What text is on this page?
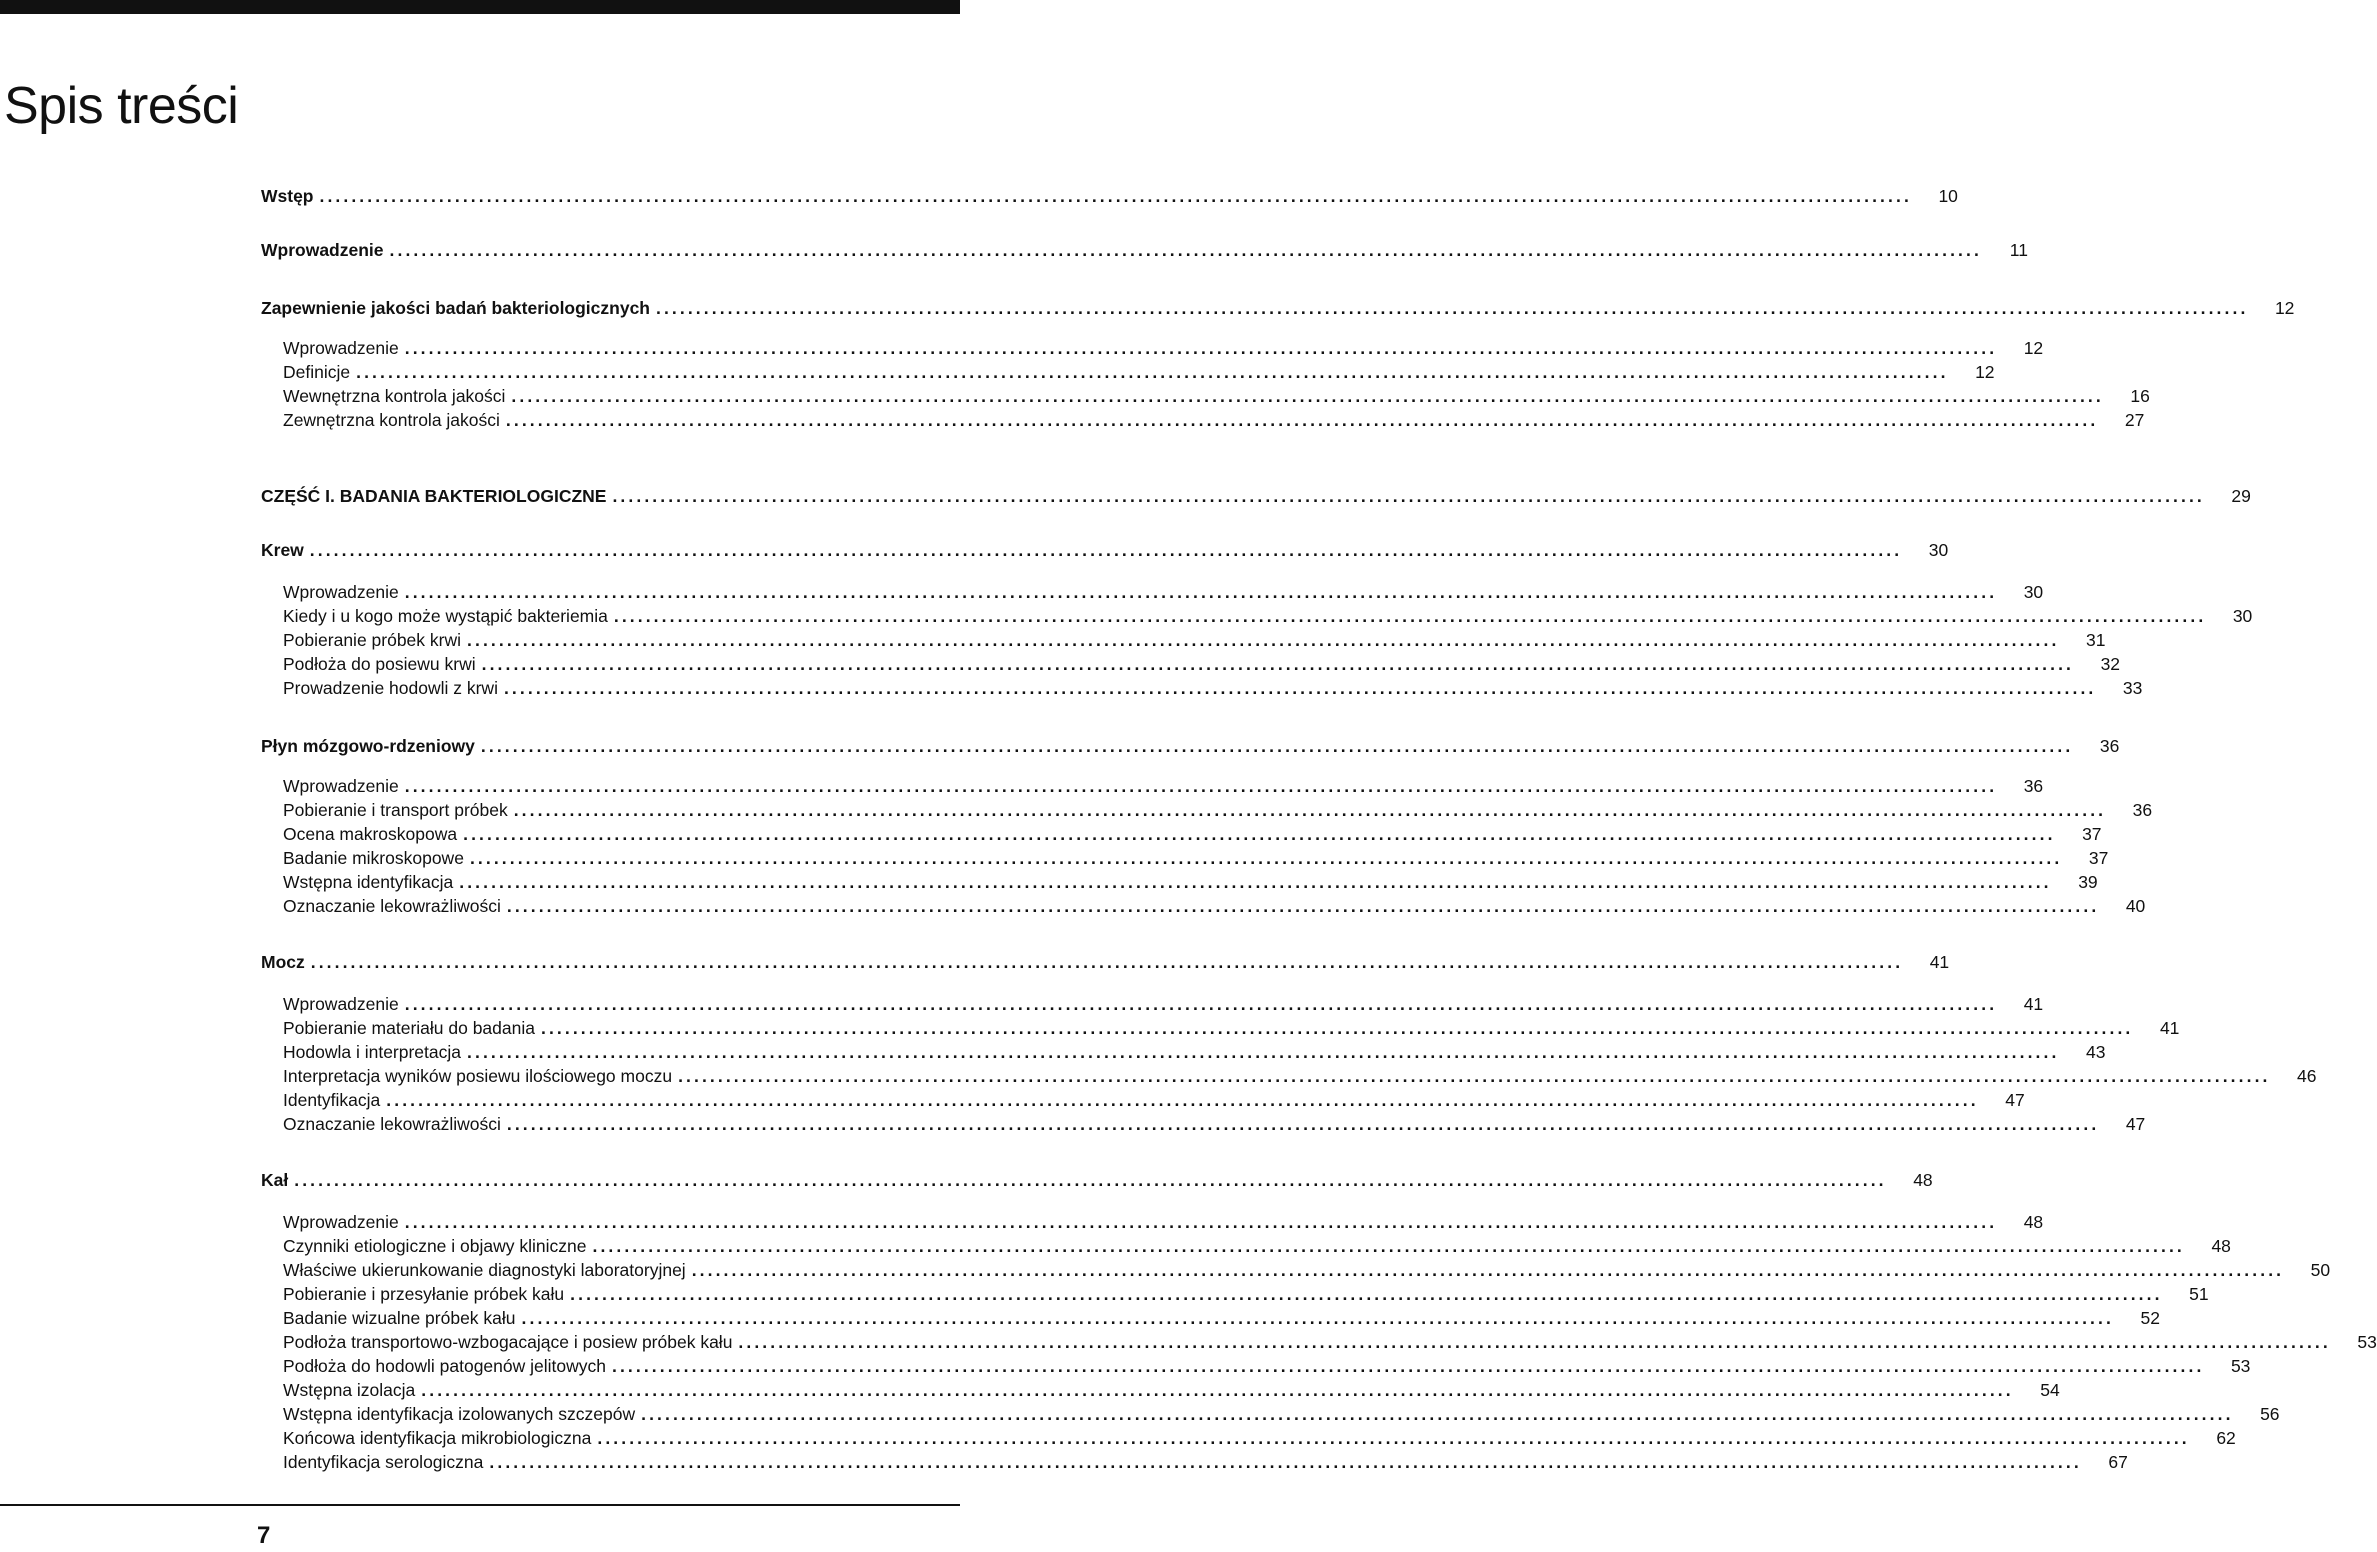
Spis treści
Wstęp ........................................................................................................................................................................................................	10
Wprowadzenie ........................................................................................................................................................................................................	11
Zapewnienie jakości badań bakteriologicznych ........................................................................................................................................................................................................	12
Wprowadzenie ........................................................................................................................................................................................................	12
Definicje ........................................................................................................................................................................................................	12
Wewnętrzna kontrola jakości ........................................................................................................................................................................................................	16
Zewnętrzna kontrola jakości ........................................................................................................................................................................................................	27
CZĘŚĆ I. BADANIA BAKTERIOLOGICZNE ........................................................................................................................................................................................................	29
Krew ........................................................................................................................................................................................................	30
Wprowadzenie ........................................................................................................................................................................................................	30
Kiedy i u kogo może wystąpić bakteriemia ........................................................................................................................................................................................................	30
Pobieranie próbek krwi ........................................................................................................................................................................................................	31
Podłoża do posiewu krwi ........................................................................................................................................................................................................	32
Prowadzenie hodowli z krwi ........................................................................................................................................................................................................	33
Płyn mózgowo-rdzeniowy ........................................................................................................................................................................................................	36
Wprowadzenie ........................................................................................................................................................................................................	36
Pobieranie i transport próbek ........................................................................................................................................................................................................	36
Ocena makroskopowa ........................................................................................................................................................................................................	37
Badanie mikroskopowe ........................................................................................................................................................................................................	37
Wstępna identyfikacja ........................................................................................................................................................................................................	39
Oznaczanie lekowrażliwości ........................................................................................................................................................................................................	40
Mocz ........................................................................................................................................................................................................	41
Wprowadzenie ........................................................................................................................................................................................................	41
Pobieranie materiału do badania ........................................................................................................................................................................................................	41
Hodowla i interpretacja ........................................................................................................................................................................................................	43
Interpretacja wyników posiewu ilościowego moczu ........................................................................................................................................................................................................	46
Identyfikacja ........................................................................................................................................................................................................	47
Oznaczanie lekowrażliwości ........................................................................................................................................................................................................	47
Kał ........................................................................................................................................................................................................	48
Wprowadzenie ........................................................................................................................................................................................................	48
Czynniki etiologiczne i objawy kliniczne ........................................................................................................................................................................................................	48
Właściwe ukierunkowanie diagnostyki laboratoryjnej ........................................................................................................................................................................................................	50
Pobieranie i przesyłanie próbek kału ........................................................................................................................................................................................................	51
Badanie wizualne próbek kału ........................................................................................................................................................................................................	52
Podłoża transportowo-wzbogacające i posiew próbek kału ........................................................................................................................................................................................................	53
Podłoża do hodowli patogenów jelitowych ........................................................................................................................................................................................................	53
Wstępna izolacja ........................................................................................................................................................................................................	54
Wstępna identyfikacja izolowanych szczepów ........................................................................................................................................................................................................	56
Końcowa identyfikacja mikrobiologiczna ........................................................................................................................................................................................................	62
Identyfikacja serologiczna ........................................................................................................................................................................................................	67
7
